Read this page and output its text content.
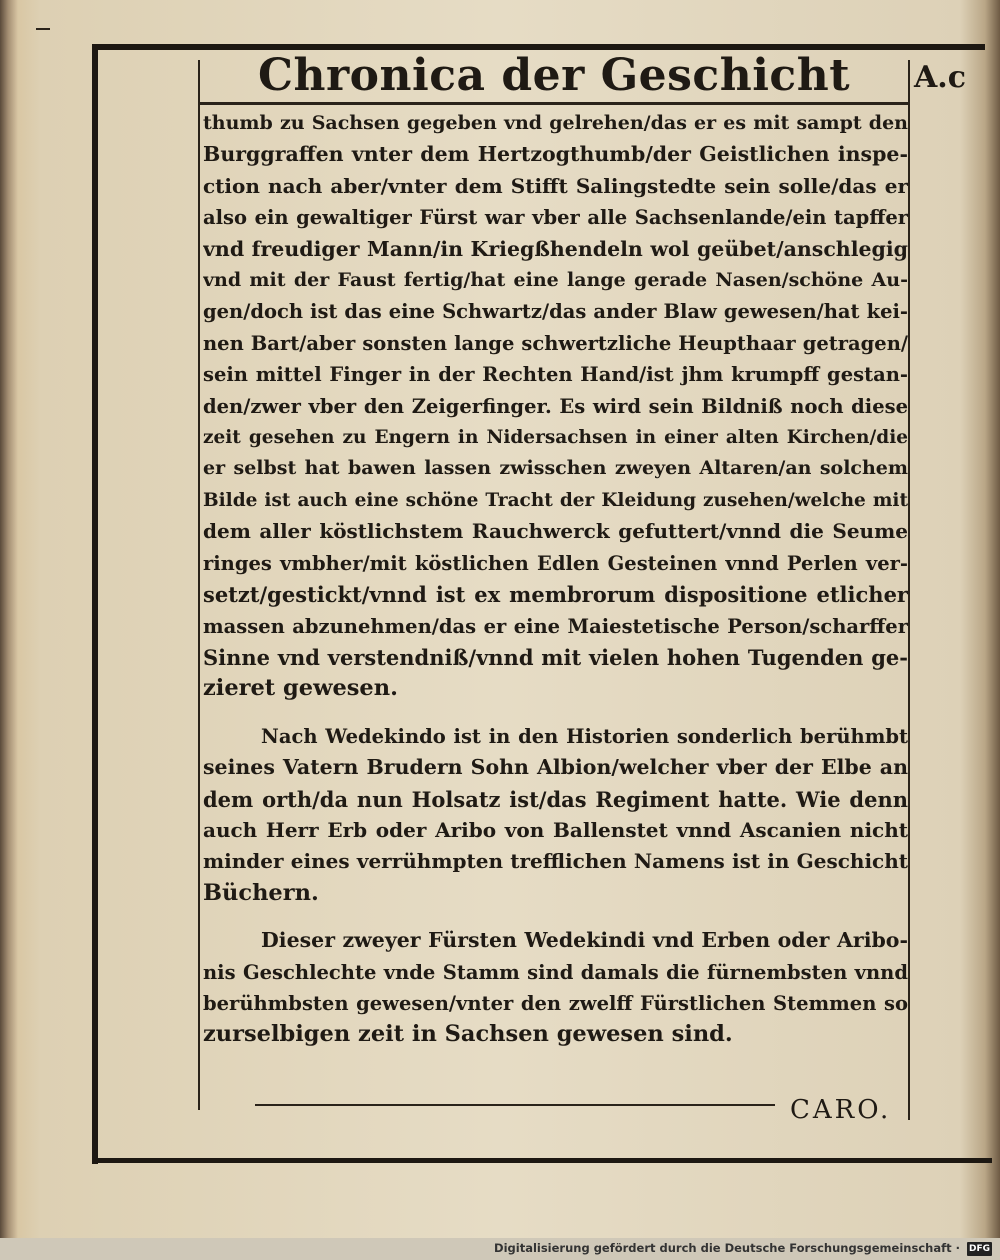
Chronica der Geschicht	A.c
thumb zu Sachsen gegeben vnd gelrehen/das er es mit sampt den
Burggraffen vnter dem Hertzogthumb/der Geistlichen inspe-
ction nach aber/vnter dem Stifft Salingstedte sein solle/das er
also ein gewaltiger Fürst war vber alle Sachsenlande/ein tapffer
vnd freudiger Mann/in Kriegßhendeln wol geübet/anschlegig
vnd mit der Faust fertig/hat eine lange gerade Nasen/schöne Au-
gen/doch ist das eine Schwartz/das ander Blaw gewesen/hat kei-
nen Bart/aber sonsten lange schwertzliche Heupthaar getragen/
sein mittel Finger in der Rechten Hand/ist jhm krumpff gestan-
den/zwer vber den Zeigerfinger. Es wird sein Bildniß noch diese
zeit gesehen zu Engern in Nidersachsen in einer alten Kirchen/die
er selbst hat bawen lassen zwisschen zweyen Altaren/an solchem
Bilde ist auch eine schöne Tracht der Kleidung zusehen/welche mit
dem aller köstlichstem Rauchwerck gefuttert/vnnd die Seume
ringes vmbher/mit köstlichen Edlen Gesteinen vnnd Perlen ver-
setzt/gestickt/vnnd ist ex membrorum dispositione etlicher
massen abzunehmen/das er eine Maiestetische Person/scharffer
Sinne vnd verstendniß/vnnd mit vielen hohen Tugenden ge-
zieret gewesen.
Nach Wedekindo ist in den Historien sonderlich berühmbt
seines Vatern Brudern Sohn Albion/welcher vber der Elbe an
dem orth/da nun Holsatz ist/das Regiment hatte. Wie denn
auch Herr Erb oder Aribo von Ballenstet vnnd Ascanien nicht
minder eines verrühmpten trefflichen Namens ist in Geschicht
Büchern.
Dieser zweyer Fürsten Wedekindi vnd Erben oder Aribo-
nis Geschlechte vnde Stamm sind damals die fürnembsten vnnd
berühmbsten gewesen/vnter den zwelff Fürstlichen Stemmen so
zurselbigen zeit in Sachsen gewesen sind.
CARO.
Digitalisierung gefördert durch die Deutsche Forschungsgemeinschaft · DFG
